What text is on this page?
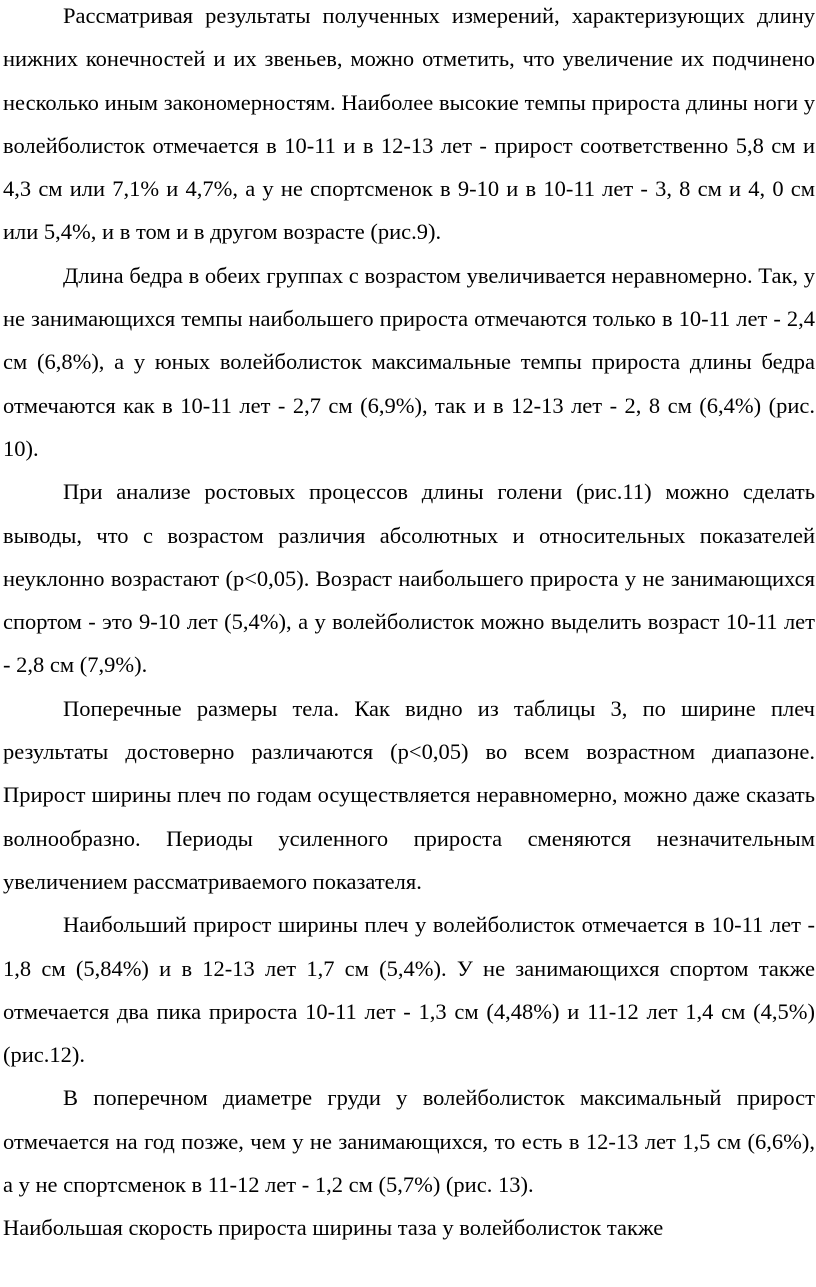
Рассматривая результаты полученных измерений, характеризующих длину нижних конечностей и их звеньев, можно отметить, что увеличение их подчинено несколько иным закономерностям. Наиболее высокие темпы прироста длины ноги у волейболисток отмечается в 10-11 и в 12-13 лет - прирост соответственно 5,8 см и 4,3 см или 7,1% и 4,7%, а у не спортсменок в 9-10 и в 10-11 лет - 3, 8 см и 4, 0 см или 5,4%, и в том и в другом возрасте (рис.9).

Длина бедра в обеих группах с возрастом увеличивается неравномерно. Так, у не занимающихся темпы наибольшего прироста отмечаются только в 10-11 лет - 2,4 см (6,8%), а у юных волейболисток максимальные темпы прироста длины бедра отмечаются как в 10-11 лет - 2,7 см (6,9%), так и в 12-13 лет - 2, 8 см (6,4%) (рис. 10).

При анализе ростовых процессов длины голени (рис.11) можно сделать выводы, что с возрастом различия абсолютных и относительных показателей неуклонно возрастают (p<0,05). Возраст наибольшего прироста у не занимающихся спортом - это 9-10 лет (5,4%), а у волейболисток можно выделить возраст 10-11 лет - 2,8 см (7,9%).

Поперечные размеры тела. Как видно из таблицы 3, по ширине плеч результаты достоверно различаются (p<0,05) во всем возрастном диапазоне. Прирост ширины плеч по годам осуществляется неравномерно, можно даже сказать волнообразно. Периоды усиленного прироста сменяются незначительным увеличением рассматриваемого показателя.

Наибольший прирост ширины плеч у волейболисток отмечается в 10-11 лет - 1,8 см (5,84%) и в 12-13 лет 1,7 см (5,4%). У не занимающихся спортом также отмечается два пика прироста 10-11 лет - 1,3 см (4,48%) и 11-12 лет 1,4 см (4,5%) (рис.12).

В поперечном диаметре груди у волейболисток максимальный прирост отмечается на год позже, чем у не занимающихся, то есть в 12-13 лет 1,5 см (6,6%), а у не спортсменок в 11-12 лет - 1,2 см (5,7%) (рис. 13).

Наибольшая скорость прироста ширины таза у волейболисток также
